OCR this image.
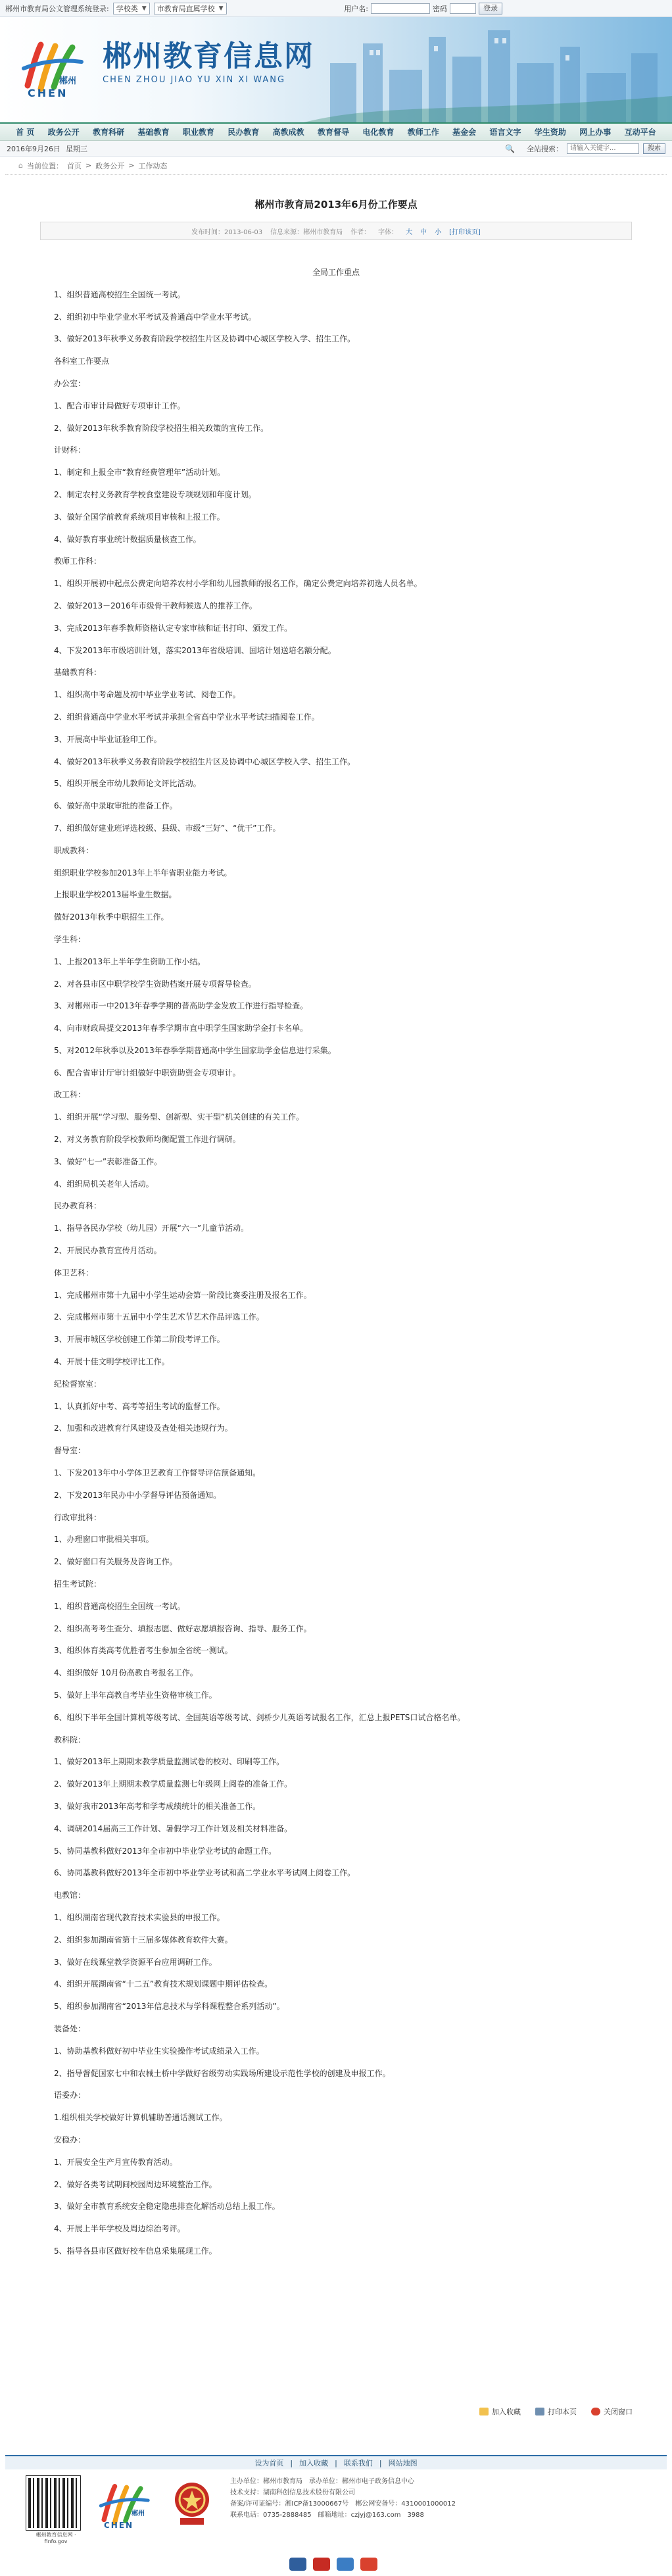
郴州市教育局公文管理系统登录: 学校类 ▼ 市教育局直属学校 ▼	用户名:	密码	登录
郴州
CHEN
郴州教育信息网
CHEN ZHOU JIAO YU XIN XI WANG
首 页 政务公开 教育科研 基础教育 职业教育 民办教育 高教成教 教育督导 电化教育 教师工作 基金会 语言文字 学生资助 网上办事 互动平台
2016年9月26日 星期三	🔍 全站搜索：	请输入关键字...	搜索
⌂ 当前位置： 首页 > 政务公开 > 工作动态
郴州市教育局2013年6月份工作要点
发布时间：2013-06-03 信息来源：郴州市教育局 作者： 字体： 大 中 小 [打印该页]

全局工作重点

1、组织普通高校招生全国统一考试。

2、组织初中毕业学业水平考试及普通高中学业水平考试。

3、做好2013年秋季义务教育阶段学校招生片区及协调中心城区学校入学、招生工作。

各科室工作要点

办公室：

1、配合市审计局做好专项审计工作。

2、做好2013年秋季教育阶段学校招生相关政策的宣传工作。

计财科：

1、制定和上报全市“教育经费管理年”活动计划。

2、制定农村义务教育学校食堂建设专项规划和年度计划。

3、做好全国学前教育系统项目审核和上报工作。

4、做好教育事业统计数据质量核查工作。

教师工作科：

1、组织开展初中起点公费定向培养农村小学和幼儿园教师的报名工作，确定公费定向培养初选人员名单。

2、做好2013－2016年市级骨干教师候选人的推荐工作。

3、完成2013年春季教师资格认定专家审核和证书打印、颁发工作。

4、下发2013年市级培训计划，落实2013年省级培训、国培计划送培名额分配。

基础教育科：

1、组织高中考命题及初中毕业学业考试、阅卷工作。

2、组织普通高中学业水平考试并承担全省高中学业水平考试扫描阅卷工作。

3、开展高中毕业证验印工作。

4、做好2013年秋季义务教育阶段学校招生片区及协调中心城区学校入学、招生工作。

5、组织开展全市幼儿教师论文评比活动。

6、做好高中录取审批的准备工作。

7、组织做好建业班评选校级、县级、市级“三好”、“优干”工作。

职成教科：

组织职业学校参加2013年上半年省职业能力考试。

上报职业学校2013届毕业生数据。

做好2013年秋季中职招生工作。

学生科：

1、上报2013年上半年学生资助工作小结。

2、对各县市区中职学校学生资助档案开展专项督导检查。

3、对郴州市一中2013年春季学期的普高助学金发放工作进行指导检查。

4、向市财政局提交2013年春季学期市直中职学生国家助学金打卡名单。

5、对2012年秋季以及2013年春季学期普通高中学生国家助学金信息进行采集。

6、配合省审计厅审计组做好中职资助资金专项审计。

政工科：

1、组织开展“学习型、服务型、创新型、实干型”机关创建的有关工作。

2、对义务教育阶段学校教师均衡配置工作进行调研。

3、做好“七一”表彰准备工作。

4、组织局机关老年人活动。

民办教育科：

1、指导各民办学校（幼儿园）开展“六一”儿童节活动。

2、开展民办教育宣传月活动。

体卫艺科：

1、完成郴州市第十九届中小学生运动会第一阶段比赛委注册及报名工作。

2、完成郴州市第十五届中小学生艺术节艺术作品评选工作。

3、开展市城区学校创建工作第二阶段考评工作。

4、开展十佳文明学校评比工作。

纪检督察室：

1、认真抓好中考、高考等招生考试的监督工作。

2、加强和改进教育行风建设及查处相关违规行为。

督导室：

1、下发2013年中小学体卫艺教育工作督导评估预备通知。

2、下发2013年民办中小学督导评估预备通知。

行政审批科：

1、办理窗口审批相关事项。

2、做好窗口有关服务及咨询工作。

招生考试院：

1、组织普通高校招生全国统一考试。

2、组织高考考生查分、填报志愿、做好志愿填报咨询、指导、服务工作。

3、组织体育类高考优胜者考生参加全省统一测试。

4、组织做好 10月份高教自考报名工作。

5、做好上半年高教自考毕业生资格审核工作。

6、组织下半年全国计算机等级考试、全国英语等级考试、剑桥少儿英语考试报名工作，汇总上报PETS口试合格名单。

教科院：

1、做好2013年上期期末教学质量监测试卷的校对、印刷等工作。

2、做好2013年上期期末教学质量监测七年级网上阅卷的准备工作。

3、做好我市2013年高考和学考成绩统计的相关准备工作。

4、调研2014届高三工作计划、暑假学习工作计划及相关材料准备。

5、协同基教科做好2013年全市初中毕业学业考试的命题工作。

6、协同基教科做好2013年全市初中毕业学业考试和高二学业水平考试网上阅卷工作。

电教馆：

1、组织湖南省现代教育技术实验县的申报工作。

2、组织参加湖南省第十三届多媒体教育软件大赛。

3、做好在线课堂教学资源平台应用调研工作。

4、组织开展湖南省“十二五”教育技术规划课题中期评估检查。

5、组织参加湖南省“2013年信息技术与学科课程整合系列活动”。

装备处：

1、协助基教科做好初中毕业生实验操作考试成绩录入工作。

2、指导督促国家七中和农械土桥中学做好省级劳动实践场所建设示范性学校的创建及申报工作。

语委办：

1.组织相关学校做好计算机辅助普通话测试工作。

安稳办：

1、开展安全生产月宣传教育活动。

2、做好各类考试期间校园周边环境整治工作。

3、做好全市教育系统安全稳定隐患排查化解活动总结上报工作。

4、开展上半年学校及周边综治考评。

5、指导各县市区做好校车信息采集展现工作。

加入收藏	打印本页	关闭窗口
设为首页 | 加入收藏 | 联系我们 | 网站地图
郴州教育信息网 · finfo.gov
郴州
CHEN
主办单位：郴州市教育局　承办单位：郴州市电子政务信息中心
技术支持：湖南科创信息技术股份有限公司
备案/许可证编号：湘ICP备13000667号　郴公网安备号：4310001000012
联系电话：0735-2888485　邮箱地址：czjyj@163.com　3988
